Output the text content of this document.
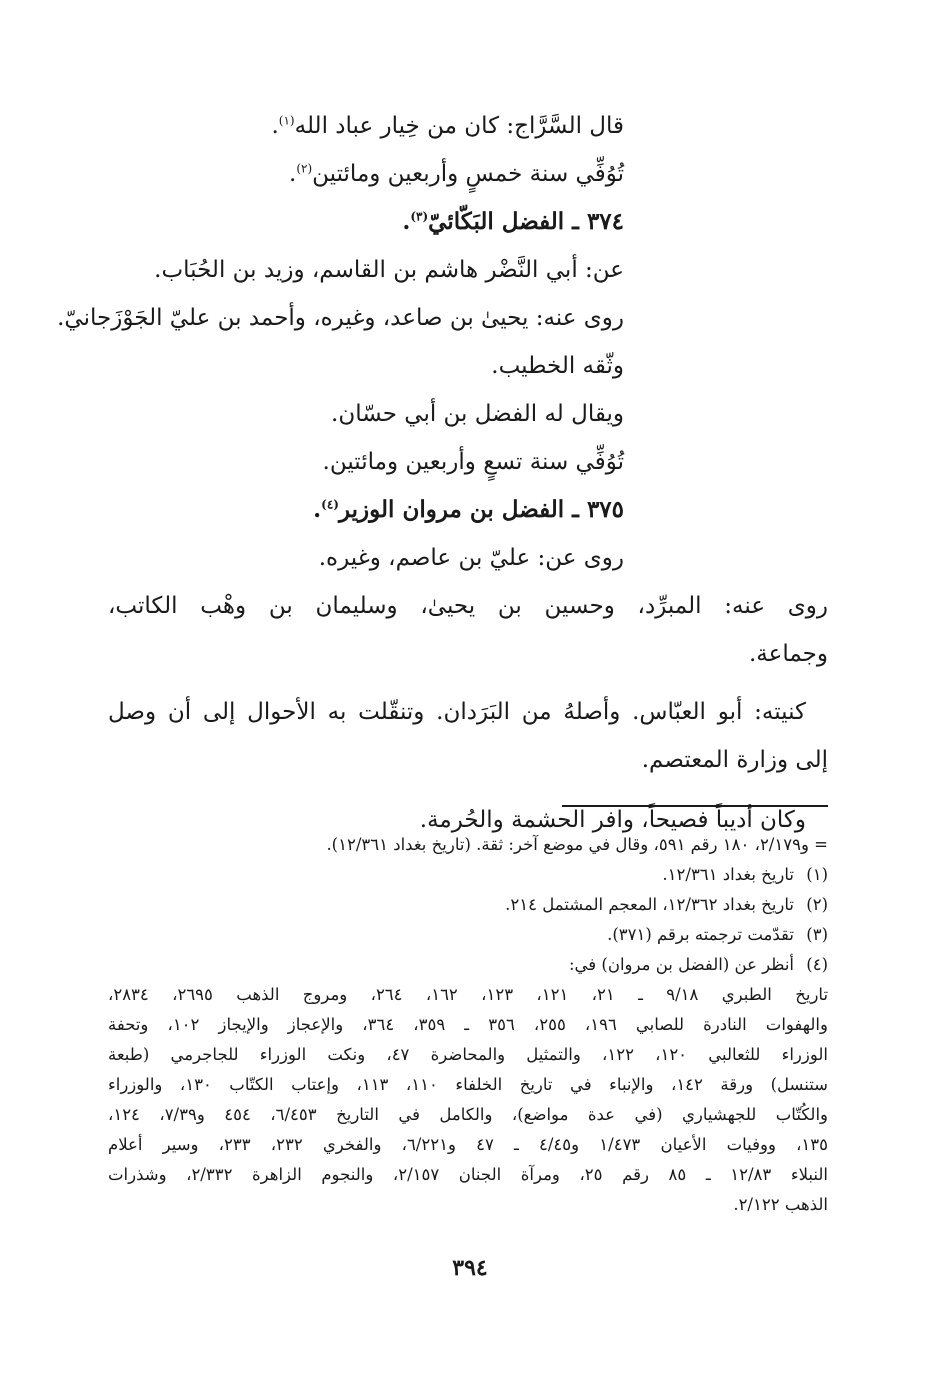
قال السَّرَّاج: كان من خِيار عباد الله$^{(١)}$.
تُوُفِّي سنة خمسٍ وأربعين ومائتين$^{(٢)}$.
٣٧٤ ـ الفضل البَكّائيّ$^{(٣)}$.
عن: أبي النَّضْر هاشم بن القاسم، وزيد بن الحُبَاب.
روى عنه: يحيىٰ بن صاعد، وغيره، وأحمد بن عليّ الجَوْزَجانيّ.
وثّقه الخطيب.
ويقال له الفضل بن أبي حسّان.
تُوُفِّي سنة تسعٍ وأربعين ومائتين.
٣٧٥ ـ الفضل بن مروان الوزير$^{(٤)}$.
روى عن: عليّ بن عاصم، وغيره.
روى عنه: المبرِّد، وحسين بن يحيىٰ، وسليمان بن وهْب الكاتب،
وجماعة.
كنيته: أبو العبّاس. وأصلهُ من البَرَدان. وتنقّلت به الأحوال إلى أن وصل
إلى وزارة المعتصم.
وكان أديباً فصيحاً، وافر الحشمة والحُرمة.
= و٢/١٧٩، ١٨٠ رقم ٥٩١، وقال في موضع آخر: ثقة. (تاريخ بغداد ١٢/٣٦١).
(١)تاريخ بغداد ١٢/٣٦١.
(٢)تاريخ بغداد ١٢/٣٦٢، المعجم المشتمل ٢١٤.
(٣)تقدّمت ترجمته برقم (٣٧١).
(٤)أنظر عن (الفضل بن مروان) في:
تاريخ الطبري ٩/١٨ ـ ٢١، ١٢١، ١٢٣، ١٦٢، ٢٦٤، ومروج الذهب ٢٦٩٥، ٢٨٣٤،
والهفوات النادرة للصابي ١٩٦، ٢٥٥، ٣٥٦ ـ ٣٥٩، ٣٦٤، والإعجاز والإيجاز ١٠٢، وتحفة
الوزراء للثعالبي ١٢٠، ١٢٢، والتمثيل والمحاضرة ٤٧، ونكت الوزراء للجاجرمي (طبعة
ستنسل) ورقة ١٤٢، والإنباء في تاريخ الخلفاء ١١٠، ١١٣، وإعتاب الكتّاب ١٣٠، والوزراء
والكُتّاب للجهشياري (في عدة مواضع)، والكامل في التاريخ ٦/٤٥٣، ٤٥٤ و٧/٣٩، ١٢٤،
١٣٥، ووفيات الأعيان ١/٤٧٣ و٤/٤٥ ـ ٤٧ و٦/٢٢١، والفخري ٢٣٢، ٢٣٣، وسير أعلام
النبلاء ١٢/٨٣ ـ ٨٥ رقم ٢٥، ومرآة الجنان ٢/١٥٧، والنجوم الزاهرة ٢/٣٣٢، وشذرات
الذهب ٢/١٢٢.
٣٩٤
